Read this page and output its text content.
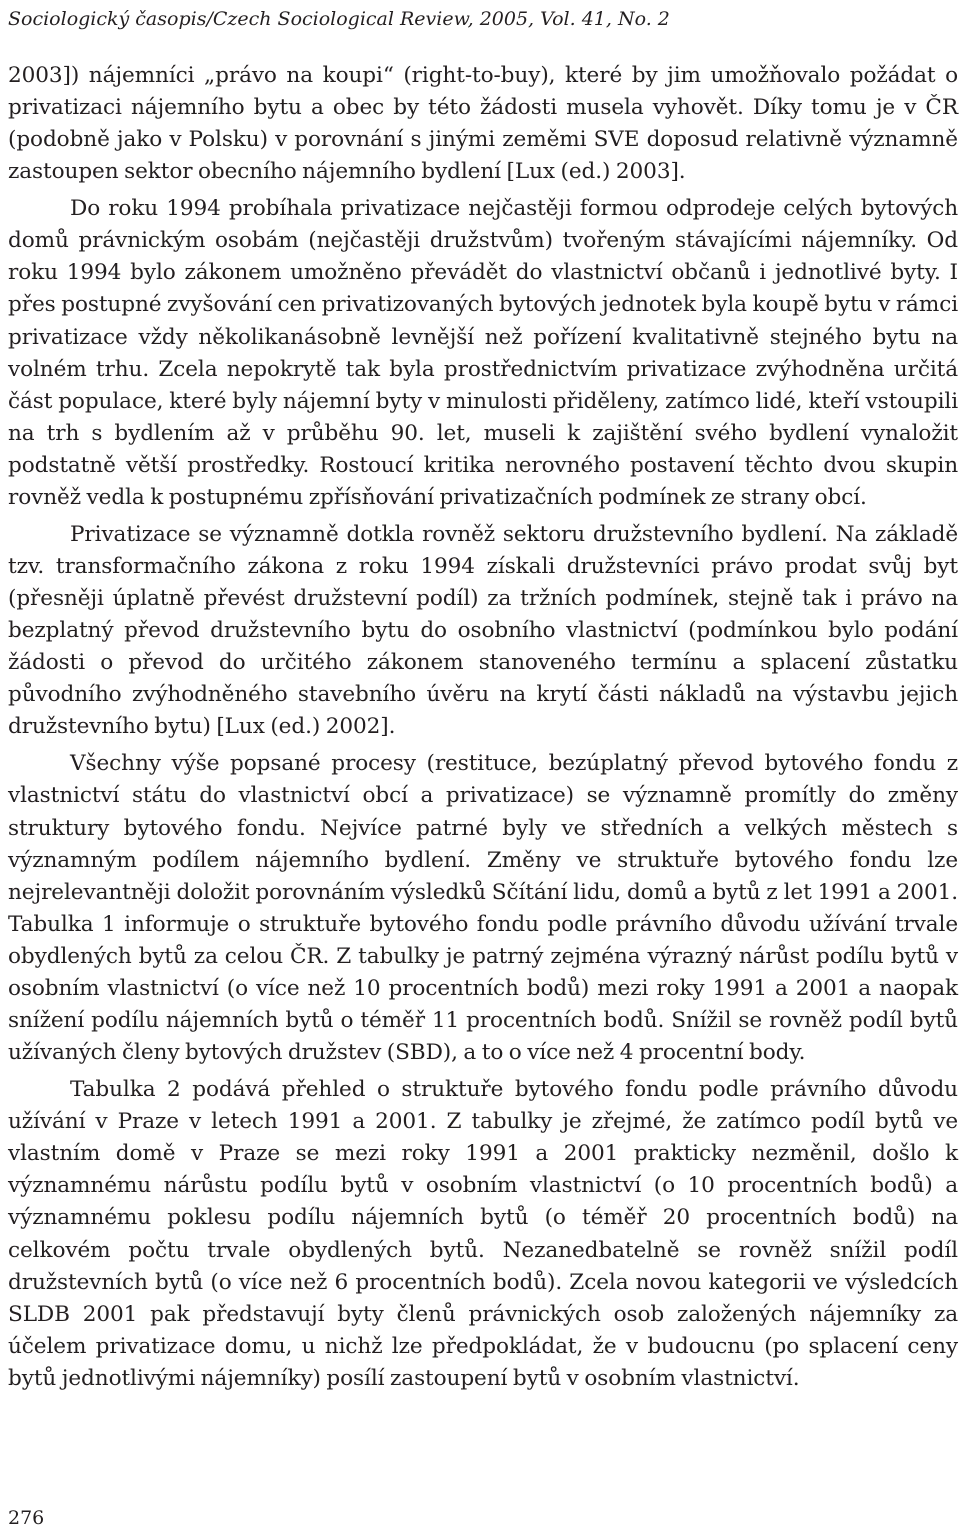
Sociologický časopis/Czech Sociological Review, 2005, Vol. 41, No. 2

2003]) nájemníci „právo na koupi“ (right-to-buy), které by jim umožňovalo požádat o privatizaci nájemního bytu a obec by této žádosti musela vyhovět. Díky tomu je v ČR (podobně jako v Polsku) v porovnání s jinými zeměmi SVE doposud relativně významně zastoupen sektor obecního nájemního bydlení [Lux (ed.) 2003].

Do roku 1994 probíhala privatizace nejčastěji formou odprodeje celých bytových domů právnickým osobám (nejčastěji družstvům) tvořeným stávajícími nájemníky. Od roku 1994 bylo zákonem umožněno převádět do vlastnictví občanů i jednotlivé byty. I přes postupné zvyšování cen privatizovaných bytových jednotek byla koupě bytu v rámci privatizace vždy několikanásobně levnější než pořízení kvalitativně stejného bytu na volném trhu. Zcela nepokrytě tak byla prostřednictvím privatizace zvýhodněna určitá část populace, které byly nájemní byty v minulosti přiděleny, zatímco lidé, kteří vstoupili na trh s bydlením až v průběhu 90. let, museli k zajištění svého bydlení vynaložit podstatně větší prostředky. Rostoucí kritika nerovného postavení těchto dvou skupin rovněž vedla k postupnému zpřísňování privatizačních podmínek ze strany obcí.

Privatizace se významně dotkla rovněž sektoru družstevního bydlení. Na základě tzv. transformačního zákona z roku 1994 získali družstevníci právo prodat svůj byt (přesněji úplatně převést družstevní podíl) za tržních podmínek, stejně tak i právo na bezplatný převod družstevního bytu do osobního vlastnictví (podmínkou bylo podání žádosti o převod do určitého zákonem stanoveného termínu a splacení zůstatku původního zvýhodněného stavebního úvěru na krytí části nákladů na výstavbu jejich družstevního bytu) [Lux (ed.) 2002].

Všechny výše popsané procesy (restituce, bezúplatný převod bytového fondu z vlastnictví státu do vlastnictví obcí a privatizace) se významně promítly do změny struktury bytového fondu. Nejvíce patrné byly ve středních a velkých městech s významným podílem nájemního bydlení. Změny ve struktuře bytového fondu lze nejrelevantněji doložit porovnáním výsledků Sčítání lidu, domů a bytů z let 1991 a 2001. Tabulka 1 informuje o struktuře bytového fondu podle právního důvodu užívání trvale obydlených bytů za celou ČR. Z tabulky je patrný zejména výrazný nárůst podílu bytů v osobním vlastnictví (o více než 10 procentních bodů) mezi roky 1991 a 2001 a naopak snížení podílu nájemních bytů o téměř 11 procentních bodů. Snížil se rovněž podíl bytů užívaných členy bytových družstev (SBD), a to o více než 4 procentní body.

Tabulka 2 podává přehled o struktuře bytového fondu podle právního důvodu užívání v Praze v letech 1991 a 2001. Z tabulky je zřejmé, že zatímco podíl bytů ve vlastním domě v Praze se mezi roky 1991 a 2001 prakticky nezměnil, došlo k významnému nárůstu podílu bytů v osobním vlastnictví (o 10 procentních bodů) a významnému poklesu podílu nájemních bytů (o téměř 20 procentních bodů) na celkovém počtu trvale obydlených bytů. Nezanedbatelně se rovněž snížil podíl družstevních bytů (o více než 6 procentních bodů). Zcela novou kategorii ve výsledcích SLDB 2001 pak představují byty členů právnických osob založených nájemníky za účelem privatizace domu, u nichž lze předpokládat, že v budoucnu (po splacení ceny bytů jednotlivými nájemníky) posílí zastoupení bytů v osobním vlastnictví.

276
